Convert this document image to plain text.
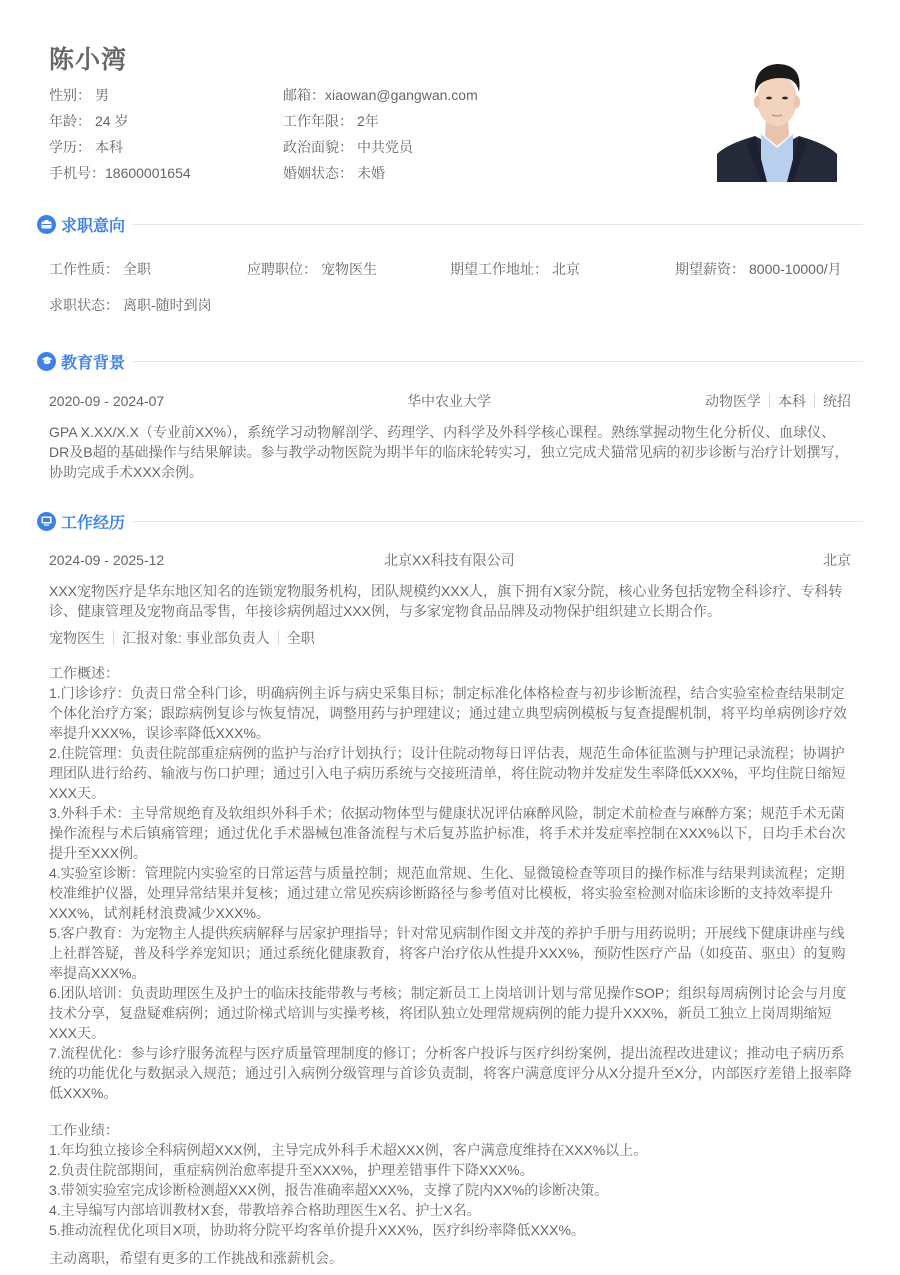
陈小湾
性别： 男
年龄： 24 岁
学历： 本科
手机号：18600001654
邮箱：xiaowan@gangwan.com
工作年限： 2年
政治面貌： 中共党员
婚姻状态： 未婚
求职意向
工作性质： 全职	应聘职位： 宠物医生	期望工作地址： 北京	期望薪资： 8000-10000/月
求职状态： 离职-随时到岗
教育背景
2020-09 - 2024-07	华中农业大学	动物医学 本科 统招
GPA X.XX/X.X（专业前XX%），系统学习动物解剖学、药理学、内科学及外科学核心课程。熟练掌握动物生化分析仪、血球仪、DR及B超的基础操作与结果解读。参与教学动物医院为期半年的临床轮转实习，独立完成犬猫常见病的初步诊断与治疗计划撰写，协助完成手术XXX余例。
工作经历
2024-09 - 2025-12	北京XX科技有限公司	北京
XXX宠物医疗是华东地区知名的连锁宠物服务机构，团队规模约XXX人，旗下拥有X家分院，核心业务包括宠物全科诊疗、专科转诊、健康管理及宠物商品零售，年接诊病例超过XXX例，与多家宠物食品品牌及动物保护组织建立长期合作。
宠物医生 汇报对象: 事业部负责人 全职

工作概述：

1.门诊诊疗：负责日常全科门诊，明确病例主诉与病史采集目标；制定标准化体格检查与初步诊断流程，结合实验室检查结果制定个体化治疗方案；跟踪病例复诊与恢复情况，调整用药与护理建议；通过建立典型病例模板与复查提醒机制，将平均单病例诊疗效率提升XXX%，误诊率降低XXX%。

2.住院管理：负责住院部重症病例的监护与治疗计划执行；设计住院动物每日评估表，规范生命体征监测与护理记录流程；协调护理团队进行给药、输液与伤口护理；通过引入电子病历系统与交接班清单，将住院动物并发症发生率降低XXX%，平均住院日缩短XXX天。

3.外科手术：主导常规绝育及软组织外科手术；依据动物体型与健康状况评估麻醉风险，制定术前检查与麻醉方案；规范手术无菌操作流程与术后镇痛管理；通过优化手术器械包准备流程与术后复苏监护标准，将手术并发症率控制在XXX%以下，日均手术台次提升至XXX例。

4.实验室诊断：管理院内实验室的日常运营与质量控制；规范血常规、生化、显微镜检查等项目的操作标准与结果判读流程；定期校准维护仪器，处理异常结果并复核；通过建立常见疾病诊断路径与参考值对比模板，将实验室检测对临床诊断的支持效率提升XXX%，试剂耗材浪费减少XXX%。

5.客户教育：为宠物主人提供疾病解释与居家护理指导；针对常见病制作图文并茂的养护手册与用药说明；开展线下健康讲座与线上社群答疑，普及科学养宠知识；通过系统化健康教育，将客户治疗依从性提升XXX%，预防性医疗产品（如疫苗、驱虫）的复购率提高XXX%。

6.团队培训：负责助理医生及护士的临床技能带教与考核；制定新员工上岗培训计划与常见操作SOP；组织每周病例讨论会与月度技术分享，复盘疑难病例；通过阶梯式培训与实操考核，将团队独立处理常规病例的能力提升XXX%，新员工独立上岗周期缩短XXX天。

7.流程优化：参与诊疗服务流程与医疗质量管理制度的修订；分析客户投诉与医疗纠纷案例，提出流程改进建议；推动电子病历系统的功能优化与数据录入规范；通过引入病例分级管理与首诊负责制，将客户满意度评分从X分提升至X分，内部医疗差错上报率降低XXX%。

工作业绩：

1.年均独立接诊全科病例超XXX例，主导完成外科手术超XXX例，客户满意度维持在XXX%以上。

2.负责住院部期间，重症病例治愈率提升至XXX%，护理差错事件下降XXX%。

3.带领实验室完成诊断检测超XXX例，报告准确率超XXX%，支撑了院内XX%的诊断决策。

4.主导编写内部培训教材X套，带教培养合格助理医生X名、护士X名。

5.推动流程优化项目X项，协助将分院平均客单价提升XXX%，医疗纠纷率降低XXX%。

主动离职，希望有更多的工作挑战和涨薪机会。
